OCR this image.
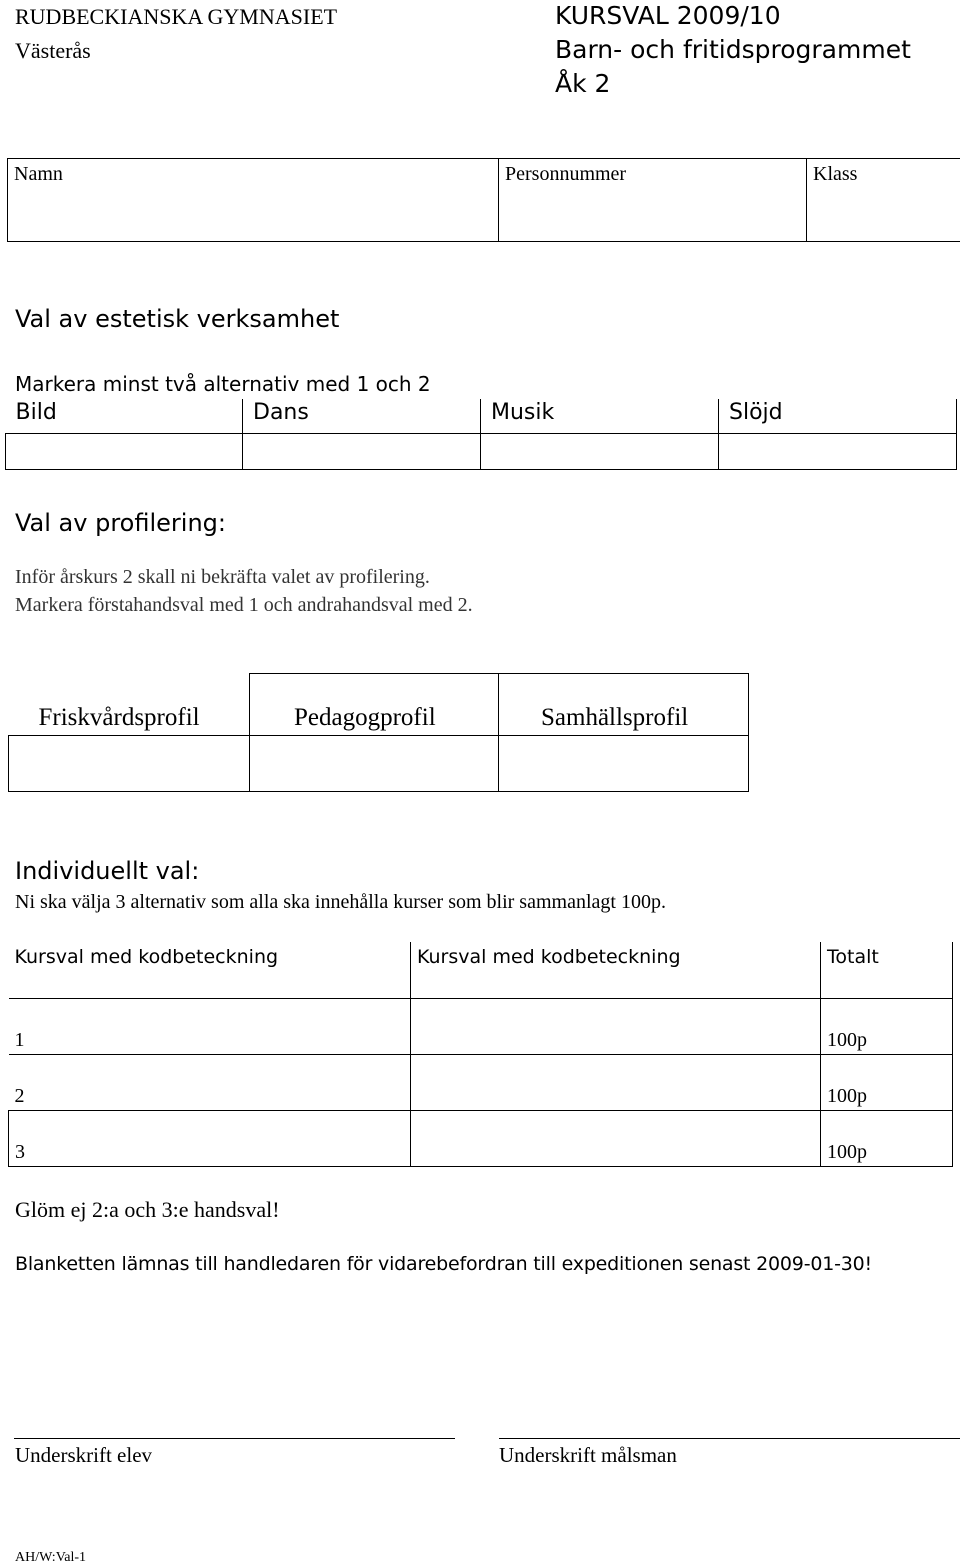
RUDBECKIANSKA GYMNASIET
Västerås
KURSVAL 2009/10
Barn- och fritidsprogrammet
Åk 2
Namn	Personnummer	Klass
Val av estetisk verksamhet
Markera minst två alternativ med 1 och 2
Bild	Dans	Musik	Slöjd

Val av profilering:
Inför årskurs 2 skall ni bekräfta valet av profilering.
Markera förstahandsval med 1 och andrahandsval med 2.
Friskvårdsprofil	Pedagogprofil	Samhällsprofil

Individuellt val:
Ni ska välja 3 alternativ som alla ska innehålla kurser som blir sammanlagt 100p.
Kursval med kodbeteckning	Kursval med kodbeteckning	Totalt

1		100p

2		100p

3		100p
Glöm ej 2:a och 3:e handsval!
Blanketten lämnas till handledaren för vidarebefordran till expeditionen senast 2009-01-30!
Underskrift elev	Underskrift målsman
AH/W:Val-1
